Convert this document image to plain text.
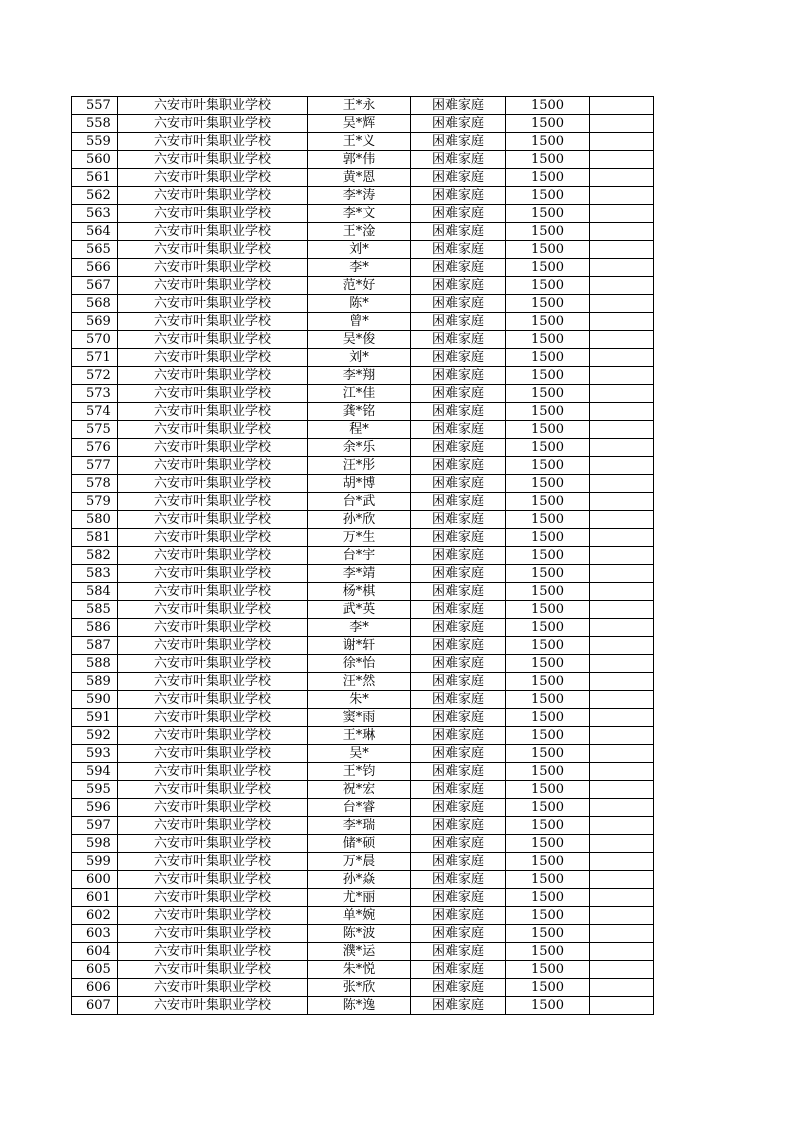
557	六安市叶集职业学校	王*永	困难家庭	1500	
558	六安市叶集职业学校	吴*辉	困难家庭	1500	
559	六安市叶集职业学校	王*义	困难家庭	1500	
560	六安市叶集职业学校	郭*伟	困难家庭	1500	
561	六安市叶集职业学校	黄*恩	困难家庭	1500	
562	六安市叶集职业学校	李*涛	困难家庭	1500	
563	六安市叶集职业学校	李*文	困难家庭	1500	
564	六安市叶集职业学校	王*淦	困难家庭	1500	
565	六安市叶集职业学校	刘*	困难家庭	1500	
566	六安市叶集职业学校	李*	困难家庭	1500	
567	六安市叶集职业学校	范*好	困难家庭	1500	
568	六安市叶集职业学校	陈*	困难家庭	1500	
569	六安市叶集职业学校	曾*	困难家庭	1500	
570	六安市叶集职业学校	吴*俊	困难家庭	1500	
571	六安市叶集职业学校	刘*	困难家庭	1500	
572	六安市叶集职业学校	李*翔	困难家庭	1500	
573	六安市叶集职业学校	江*佳	困难家庭	1500	
574	六安市叶集职业学校	龚*铭	困难家庭	1500	
575	六安市叶集职业学校	程*	困难家庭	1500	
576	六安市叶集职业学校	余*乐	困难家庭	1500	
577	六安市叶集职业学校	汪*彤	困难家庭	1500	
578	六安市叶集职业学校	胡*博	困难家庭	1500	
579	六安市叶集职业学校	台*武	困难家庭	1500	
580	六安市叶集职业学校	孙*欣	困难家庭	1500	
581	六安市叶集职业学校	万*生	困难家庭	1500	
582	六安市叶集职业学校	台*宇	困难家庭	1500	
583	六安市叶集职业学校	李*靖	困难家庭	1500	
584	六安市叶集职业学校	杨*棋	困难家庭	1500	
585	六安市叶集职业学校	武*英	困难家庭	1500	
586	六安市叶集职业学校	李*	困难家庭	1500	
587	六安市叶集职业学校	谢*轩	困难家庭	1500	
588	六安市叶集职业学校	徐*怡	困难家庭	1500	
589	六安市叶集职业学校	汪*然	困难家庭	1500	
590	六安市叶集职业学校	朱*	困难家庭	1500	
591	六安市叶集职业学校	窦*雨	困难家庭	1500	
592	六安市叶集职业学校	王*琳	困难家庭	1500	
593	六安市叶集职业学校	吴*	困难家庭	1500	
594	六安市叶集职业学校	王*钧	困难家庭	1500	
595	六安市叶集职业学校	祝*宏	困难家庭	1500	
596	六安市叶集职业学校	台*睿	困难家庭	1500	
597	六安市叶集职业学校	李*瑞	困难家庭	1500	
598	六安市叶集职业学校	储*硕	困难家庭	1500	
599	六安市叶集职业学校	万*晨	困难家庭	1500	
600	六安市叶集职业学校	孙*焱	困难家庭	1500	
601	六安市叶集职业学校	尤*丽	困难家庭	1500	
602	六安市叶集职业学校	单*婉	困难家庭	1500	
603	六安市叶集职业学校	陈*波	困难家庭	1500	
604	六安市叶集职业学校	濮*运	困难家庭	1500	
605	六安市叶集职业学校	朱*悦	困难家庭	1500	
606	六安市叶集职业学校	张*欣	困难家庭	1500	
607	六安市叶集职业学校	陈*逸	困难家庭	1500	
